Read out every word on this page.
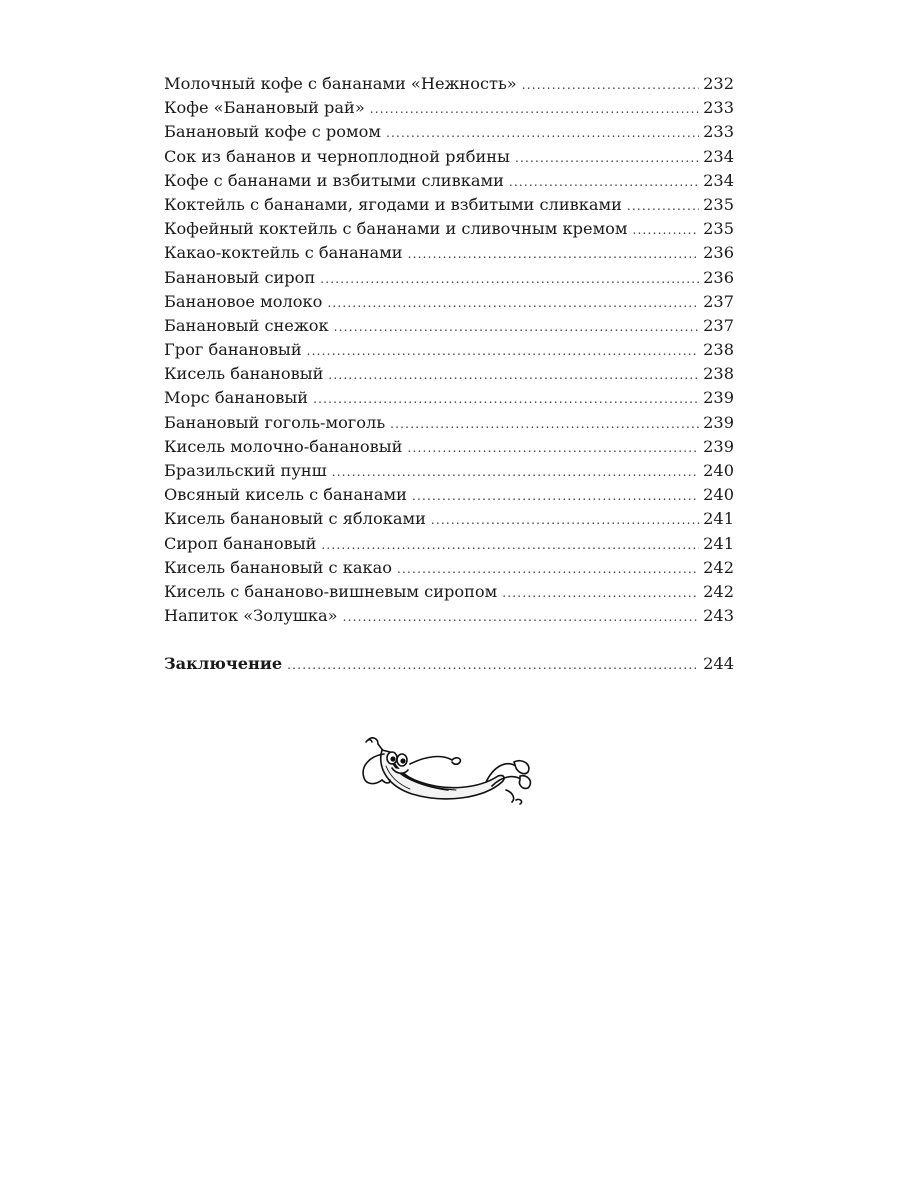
Молочный кофе с бананами «Нежность» .....	232
Кофе «Банановый рай» .....	233
Банановый кофе с ромом .....	233
Сок из бананов и черноплодной рябины .....	234
Кофе с бананами и взбитыми сливками .....	234
Коктейль с бананами, ягодами и взбитыми сливками .....	235
Кофейный коктейль с бананами и сливочным кремом .....	235
Какао-коктейль с бананами .....	236
Банановый сироп .....	236
Банановое молоко .....	237
Банановый снежок .....	237
Грог банановый .....	238
Кисель банановый .....	238
Морс банановый .....	239
Банановый гоголь-моголь .....	239
Кисель молочно-банановый .....	239
Бразильский пунш .....	240
Овсяный кисель с бананами .....	240
Кисель банановый с яблоками .....	241
Сироп банановый .....	241
Кисель банановый с какао .....	242
Кисель с бананово-вишневым сиропом .....	242
Напиток «Золушка» .....	243
Заключение .....	244
